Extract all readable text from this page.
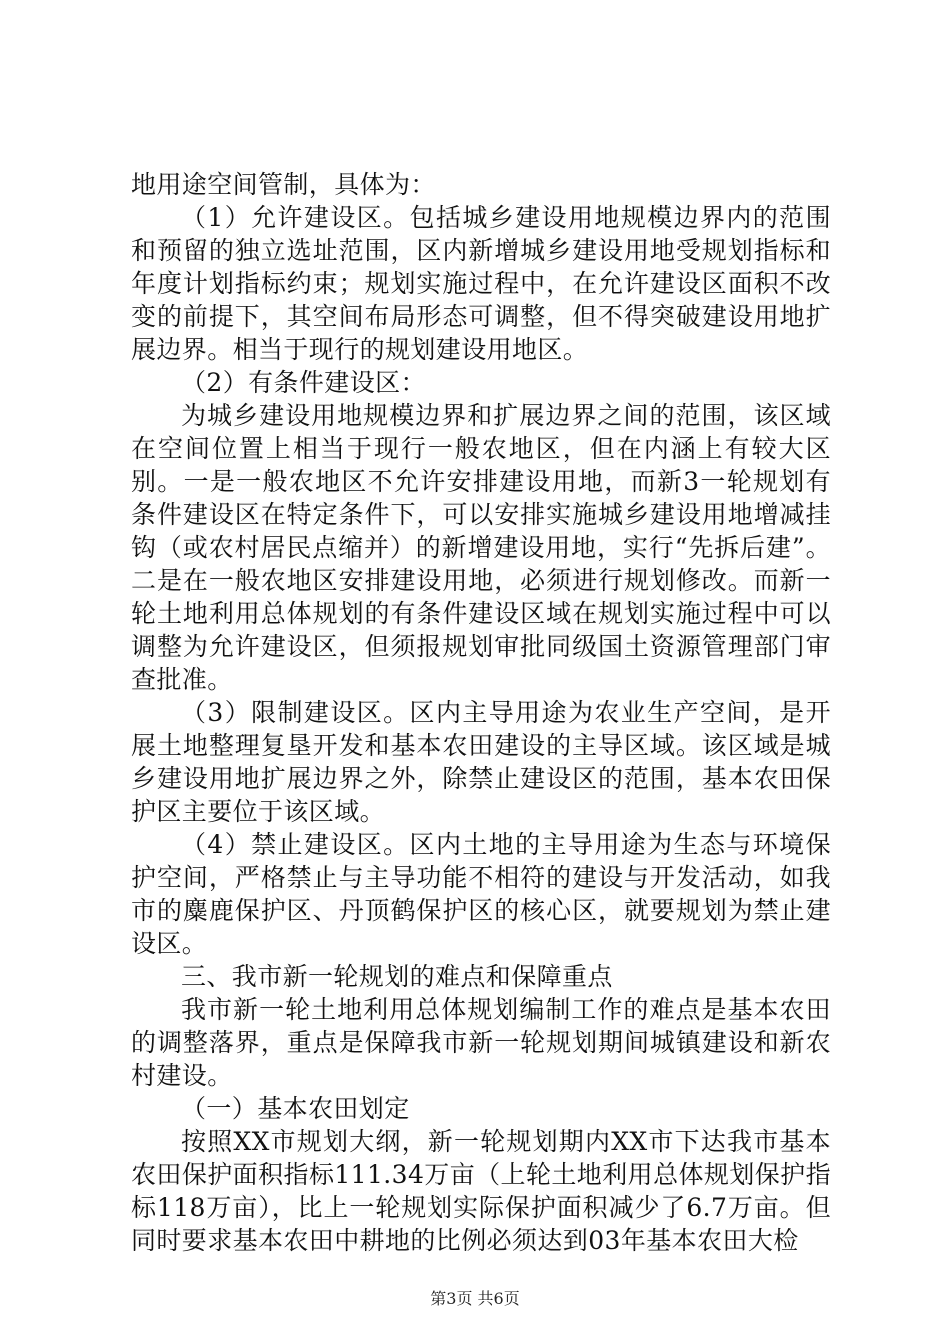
地用途空间管制，具体为：

（1）允许建设区。包括城乡建设用地规模边界内的范围和预留的独立选址范围，区内新增城乡建设用地受规划指标和年度计划指标约束；规划实施过程中，在允许建设区面积不改变的前提下，其空间布局形态可调整，但不得突破建设用地扩展边界。相当于现行的规划建设用地区。

（2）有条件建设区：

为城乡建设用地规模边界和扩展边界之间的范围，该区域在空间位置上相当于现行一般农地区，但在内涵上有较大区别。一是一般农地区不允许安排建设用地，而新3一轮规划有条件建设区在特定条件下，可以安排实施城乡建设用地增减挂钩（或农村居民点缩并）的新增建设用地，实行“先拆后建”。二是在一般农地区安排建设用地，必须进行规划修改。而新一轮土地利用总体规划的有条件建设区域在规划实施过程中可以调整为允许建设区，但须报规划审批同级国土资源管理部门审查批准。

（3）限制建设区。区内主导用途为农业生产空间，是开展土地整理复垦开发和基本农田建设的主导区域。该区域是城乡建设用地扩展边界之外，除禁止建设区的范围，基本农田保护区主要位于该区域。

（4）禁止建设区。区内土地的主导用途为生态与环境保护空间，严格禁止与主导功能不相符的建设与开发活动，如我市的麋鹿保护区、丹顶鹤保护区的核心区，就要规划为禁止建设区。

三、我市新一轮规划的难点和保障重点

我市新一轮土地利用总体规划编制工作的难点是基本农田的调整落界，重点是保障我市新一轮规划期间城镇建设和新农村建设。

（一）基本农田划定

按照XX市规划大纲，新一轮规划期内XX市下达我市基本农田保护面积指标111.34万亩（上轮土地利用总体规划保护指标118万亩），比上一轮规划实际保护面积减少了6.7万亩。但同时要求基本农田中耕地的比例必须达到03年基本农田大检

第3页 共6页
